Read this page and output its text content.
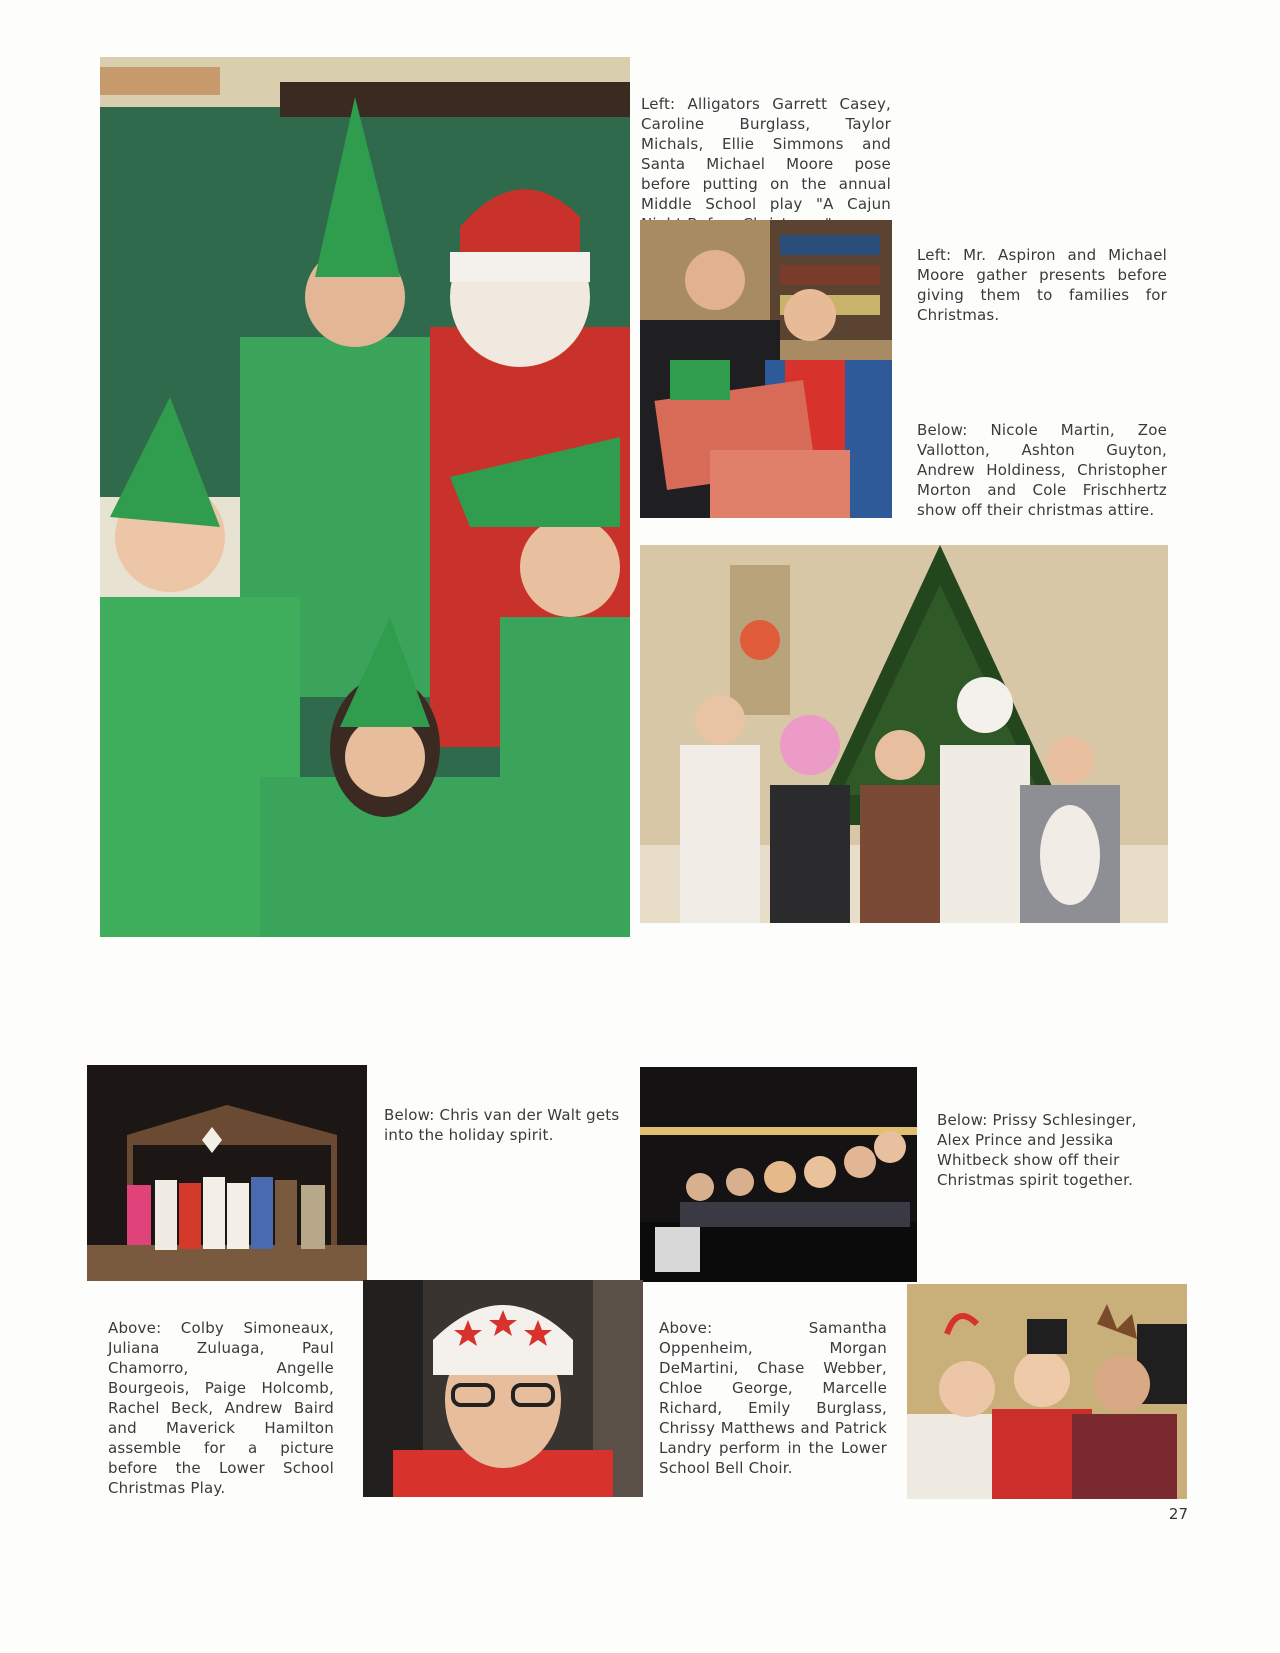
Left: Alligators Garrett Casey, Caroline Burglass, Taylor Michals, Ellie Simmons and Santa Michael Moore pose before putting on the annual Middle School play "A Cajun

Left: Mr. Aspiron and Michael Moore gather presents before giving them to families for Christmas.

Below: Nicole Martin, Zoe Vallotton, Ashton Guyton, Andrew Holdiness, Christopher Morton and Cole Frischhertz show off their christmas attire.

Below: Chris van der Walt gets into the holiday spirit.

Below: Prissy Schlesinger, Alex Prince and Jessika Whitbeck show off their Christmas spirit together.

Above: Colby Simoneaux, Juliana Zuluaga, Paul Chamorro, Angelle Bourgeois, Paige Holcomb, Rachel Beck, Andrew Baird and Maverick Hamilton assemble for a picture before the Lower School Christmas Play.

Above: Samantha Oppenheim, Morgan DeMartini, Chase Webber, Chloe George, Marcelle Richard, Emily Burglass, Chrissy Matthews and Patrick Landry perform in the Lower School Bell Choir.

27
